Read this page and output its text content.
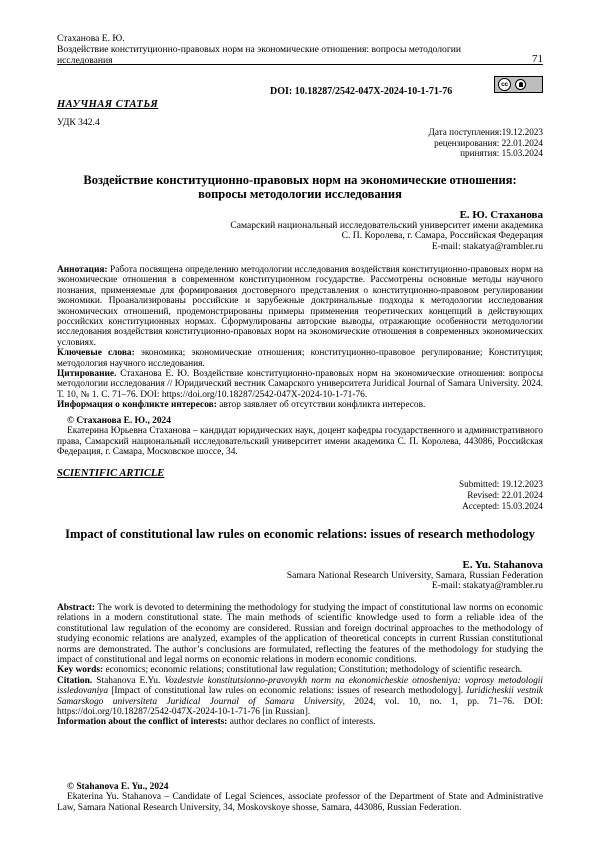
Стаханова Е. Ю.
Воздействие конституционно-правовых норм на экономические отношения: вопросы методологии исследования	71
DOI: 10.18287/2542-047X-2024-10-1-71-76
cc
НАУЧНАЯ СТАТЬЯ
УДК 342.4
Дата поступления:19.12.2023
рецензирования: 22.01.2024
принятия: 15.03.2024
Воздействие конституционно-правовых норм на экономические отношения: вопросы методологии исследования
Е. Ю. Стаханова
Самарский национальный исследовательский университет имени академика
С. П. Королева, г. Самара, Российская Федерация
E-mail: stakatya@rambler.ru

Аннотация: Работа посвящена определению методологии исследования воздействия конституционно-правовых норм на экономические отношения в современном конституционном государстве. Рассмотрены основные методы научного познания, применяемые для формирования достоверного представления о конституционно-правовом регулировании экономики. Проанализированы российские и зарубежные доктринальные подходы к методологии исследования экономических отношений, продемонстрированы примеры применения теоретических концепций в действующих российских конституционных нормах. Сформулированы авторские выводы, отражающие особенности методологии исследования воздействия конституционно-правовых норм на экономические отношения в современных экономических условиях.

Ключевые слова: экономика; экономические отношения; конституционно-правовое регулирование; Конституция; методология научного исследования.

Цитирование. Стаханова Е. Ю. Воздействие конституционно-правовых норм на экономические отношения: вопросы методологии исследования // Юридический вестник Самарского университета Juridical Journal of Samara University. 2024. Т. 10, № 1. С. 71–76. DOI: https://doi.org/10.18287/2542-047X-2024-10-1-71-76.

Информация о конфликте интересов: автор заявляет об отсутствии конфликта интересов.

© Стаханова Е. Ю., 2024

Екатерина Юрьевна Стаханова – кандидат юридических наук, доцент кафедры государственного и административного права, Самарский национальный исследовательский университет имени академика С. П. Королева, 443086, Российская Федерация, г. Самара, Московское шоссе, 34.

SCIENTIFIC ARTICLE
Submitted: 19.12.2023
Revised: 22.01.2024
Accepted: 15.03.2024
Impact of constitutional law rules on economic relations: issues of research methodology
E. Yu. Stahanova
Samara National Research University, Samara, Russian Federation
E-mail: stakatya@rambler.ru

Abstract: The work is devoted to determining the methodology for studying the impact of constitutional law norms on economic relations in a modern constitutional state. The main methods of scientific knowledge used to form a reliable idea of the constitutional law regulation of the economy are considered. Russian and foreign doctrinal approaches to the methodology of studying economic relations are analyzed, examples of the application of theoretical concepts in current Russian constitutional norms are demonstrated. The author’s conclusions are formulated, reflecting the features of the methodology for studying the impact of constitutional and legal norms on economic relations in modern economic conditions.

Key words: economics; economic relations; constitutional law regulation; Constitution; methodology of scientific research.

Citation. Stahanova E.Yu. Vozdestvie konstitutsionno-pravovykh norm na ekonomicheskie otnosheniya: voprosy metodologii issledovaniya [Impact of constitutional law rules on economic relations: issues of research methodology]. Iuridicheskii vestnik Samarskogo universiteta Juridical Journal of Samara University, 2024, vol. 10, no. 1, pp. 71–76. DOI: https://doi.org/10.18287/2542-047X-2024-10-1-71-76 [in Russian].

Information about the conflict of interests: author declares no conflict of interests.

© Stahanova E. Yu., 2024

Ekaterina Yu. Stahanova – Candidate of Legal Sciences, associate professor of the Department of State and Administrative Law, Samara National Research University, 34, Moskovskoye shosse, Samara, 443086, Russian Federation.
